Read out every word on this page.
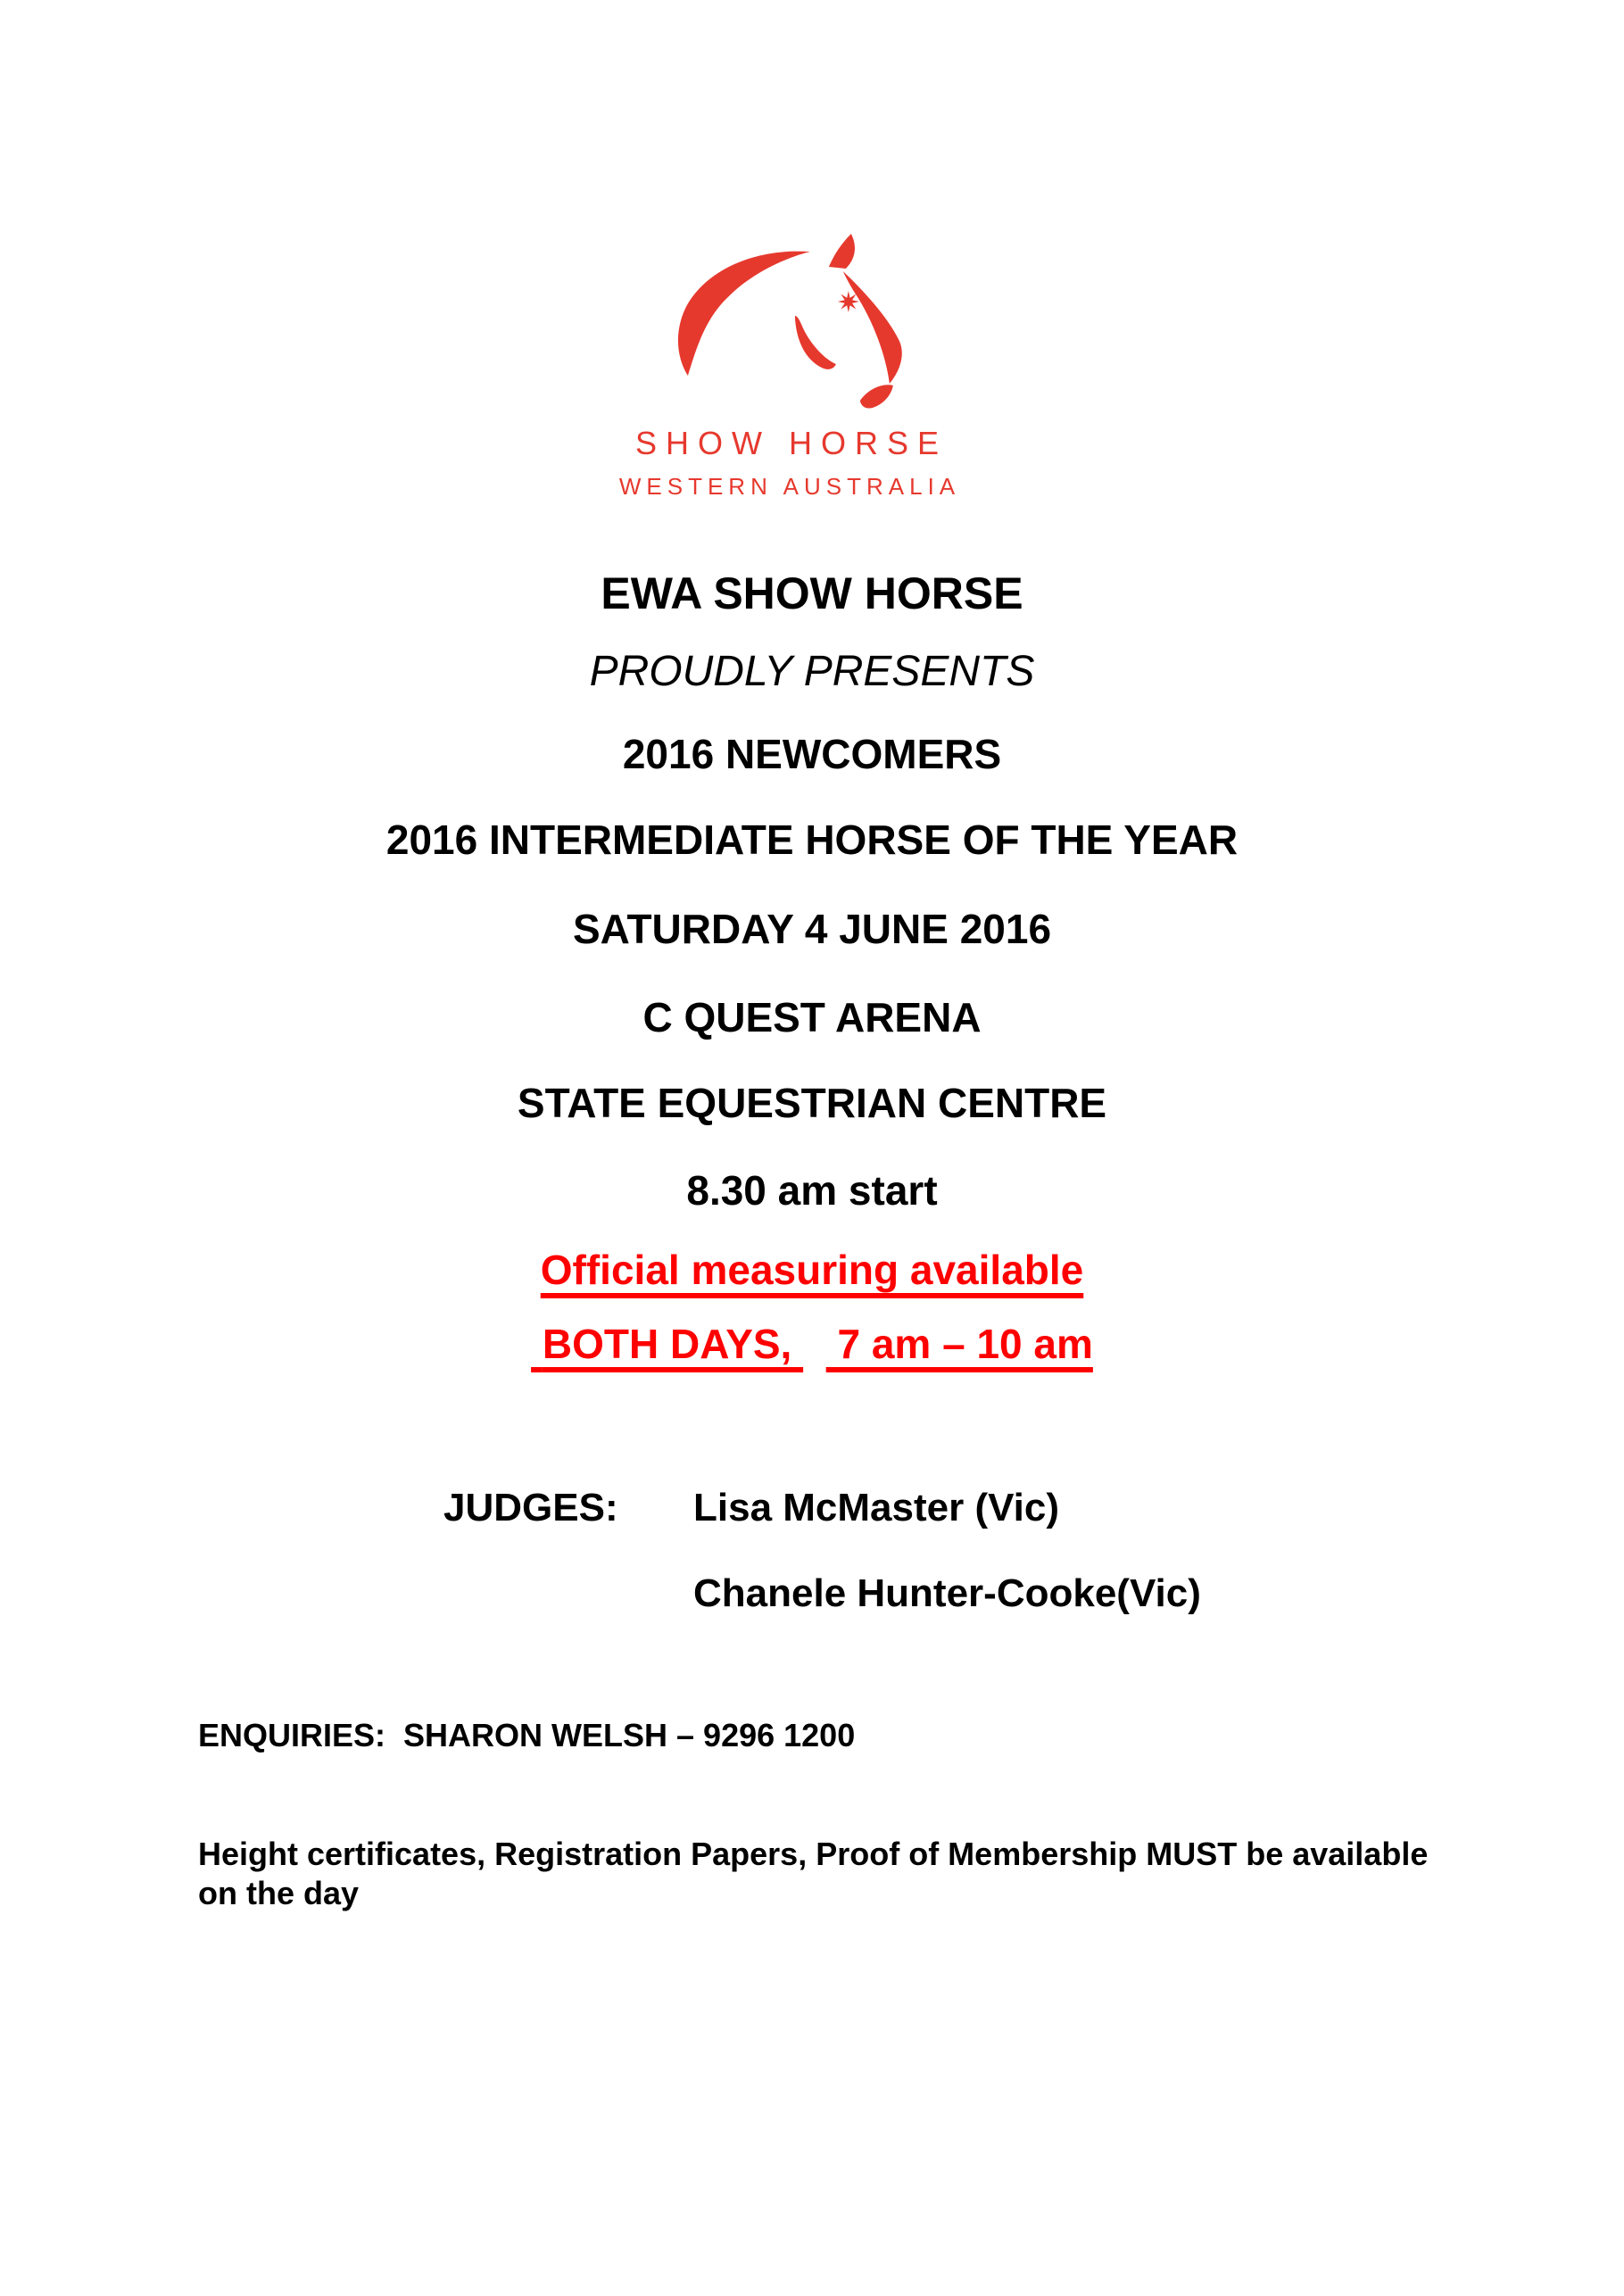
SHOW HORSE
WESTERN AUSTRALIA
EWA SHOW HORSE
PROUDLY PRESENTS
2016 NEWCOMERS
2016 INTERMEDIATE HORSE OF THE YEAR
SATURDAY 4 JUNE 2016
C QUEST ARENA
STATE EQUESTRIAN CENTRE
8.30 am start
Official measuring available
BOTH DAYS,    7 am – 10 am
JUDGES:	Lisa McMaster (Vic)
Chanele Hunter-Cooke(Vic)
ENQUIRIES:  SHARON WELSH – 9296 1200
Height certificates, Registration Papers, Proof of Membership MUST be available on the day
